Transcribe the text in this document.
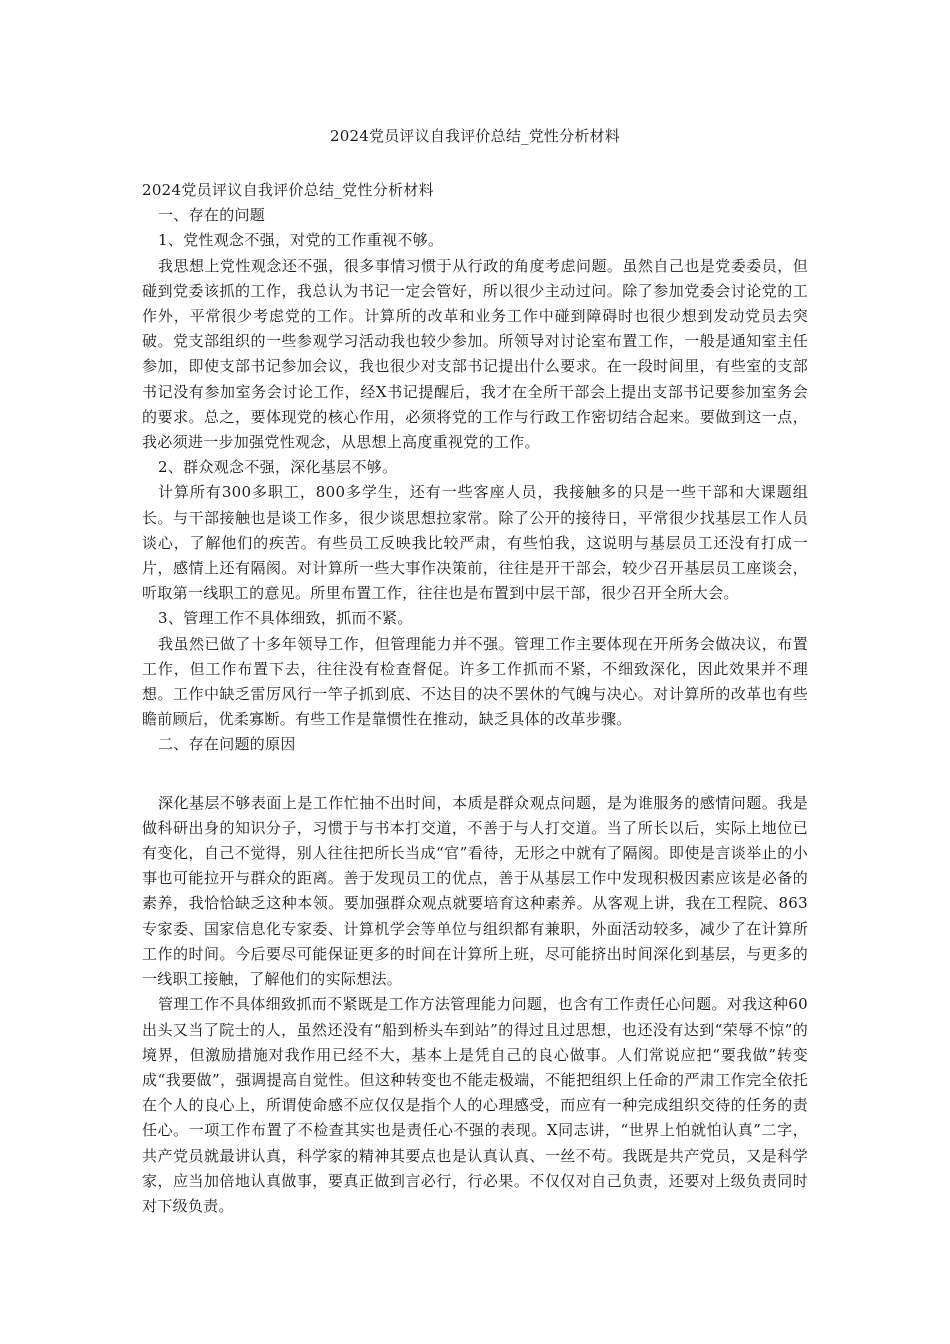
2024党员评议自我评价总结_党性分析材料

2024党员评议自我评价总结_党性分析材料

一、存在的问题

1、党性观念不强，对党的工作重视不够。

我思想上党性观念还不强，很多事情习惯于从行政的角度考虑问题。虽然自己也是党委委员，但碰到党委该抓的工作，我总认为书记一定会管好，所以很少主动过问。除了参加党委会讨论党的工作外，平常很少考虑党的工作。计算所的改革和业务工作中碰到障碍时也很少想到发动党员去突破。党支部组织的一些参观学习活动我也较少参加。所领导对讨论室布置工作，一般是通知室主任参加，即使支部书记参加会议，我也很少对支部书记提出什么要求。在一段时间里，有些室的支部书记没有参加室务会讨论工作，经X书记提醒后，我才在全所干部会上提出支部书记要参加室务会的要求。总之，要体现党的核心作用，必须将党的工作与行政工作密切结合起来。要做到这一点，我必须进一步加强党性观念，从思想上高度重视党的工作。

2、群众观念不强，深化基层不够。

计算所有300多职工，800多学生，还有一些客座人员，我接触多的只是一些干部和大课题组长。与干部接触也是谈工作多，很少谈思想拉家常。除了公开的接待日，平常很少找基层工作人员谈心，了解他们的疾苦。有些员工反映我比较严肃，有些怕我，这说明与基层员工还没有打成一片，感情上还有隔阂。对计算所一些大事作决策前，往往是开干部会，较少召开基层员工座谈会，听取第一线职工的意见。所里布置工作，往往也是布置到中层干部，很少召开全所大会。

3、管理工作不具体细致，抓而不紧。

我虽然已做了十多年领导工作，但管理能力并不强。管理工作主要体现在开所务会做决议，布置工作，但工作布置下去，往往没有检查督促。许多工作抓而不紧，不细致深化，因此效果并不理想。工作中缺乏雷厉风行一竿子抓到底、不达目的决不罢休的气魄与决心。对计算所的改革也有些瞻前顾后，优柔寡断。有些工作是靠惯性在推动，缺乏具体的改革步骤。

二、存在问题的原因

深化基层不够表面上是工作忙抽不出时间，本质是群众观点问题，是为谁服务的感情问题。我是做科研出身的知识分子，习惯于与书本打交道，不善于与人打交道。当了所长以后，实际上地位已有变化，自己不觉得，别人往往把所长当成“官”看待，无形之中就有了隔阂。即使是言谈举止的小事也可能拉开与群众的距离。善于发现员工的优点，善于从基层工作中发现积极因素应该是必备的素养，我恰恰缺乏这种本领。要加强群众观点就要培育这种素养。从客观上讲，我在工程院、863专家委、国家信息化专家委、计算机学会等单位与组织都有兼职，外面活动较多，减少了在计算所工作的时间。今后要尽可能保证更多的时间在计算所上班，尽可能挤出时间深化到基层，与更多的一线职工接触，了解他们的实际想法。

管理工作不具体细致抓而不紧既是工作方法管理能力问题，也含有工作责任心问题。对我这种60出头又当了院士的人，虽然还没有“船到桥头车到站”的得过且过思想，也还没有达到“荣辱不惊”的境界，但激励措施对我作用已经不大，基本上是凭自己的良心做事。人们常说应把“要我做”转变成“我要做”，强调提高自觉性。但这种转变也不能走极端，不能把组织上任命的严肃工作完全依托在个人的良心上，所谓使命感不应仅仅是指个人的心理感受，而应有一种完成组织交待的任务的责任心。一项工作布置了不检查其实也是责任心不强的表现。X同志讲，“世界上怕就怕认真”二字，共产党员就最讲认真，科学家的精神其要点也是认真认真、一丝不苟。我既是共产党员，又是科学家，应当加倍地认真做事，要真正做到言必行，行必果。不仅仅对自己负责，还要对上级负责同时对下级负责。
